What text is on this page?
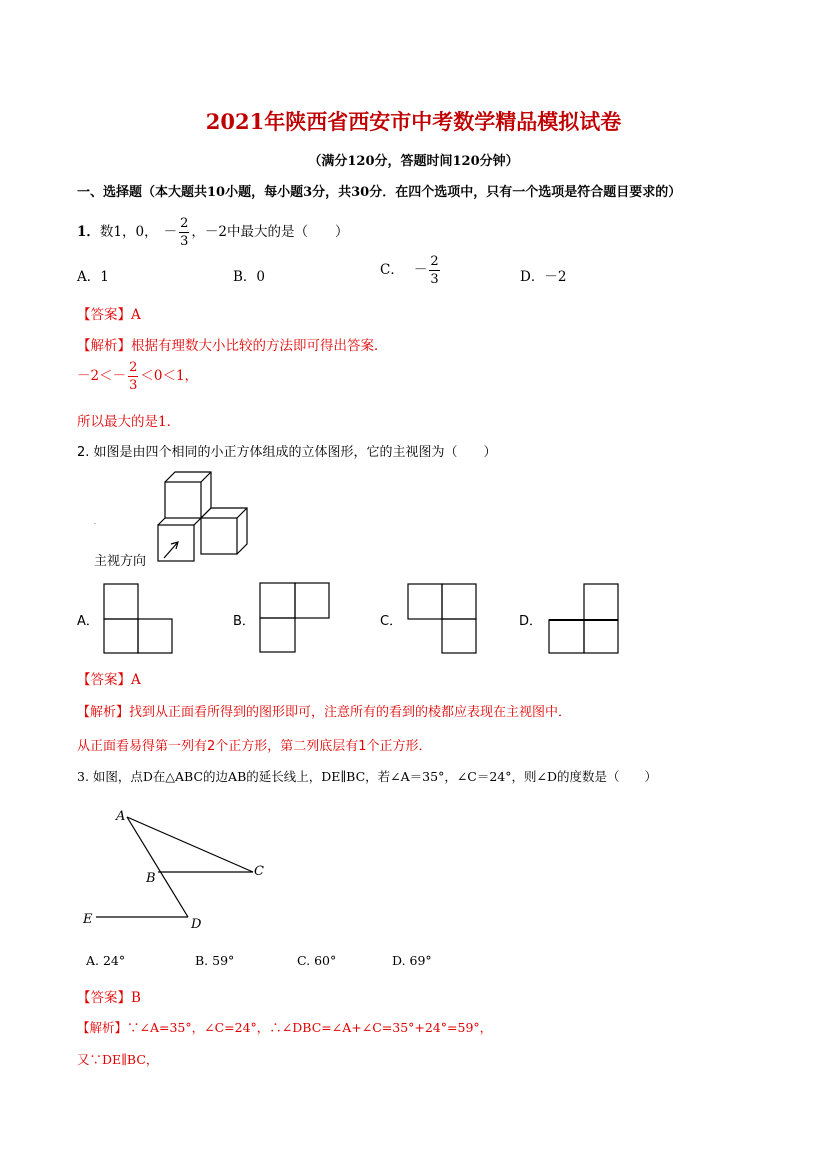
2021年陕西省西安市中考数学精品模拟试卷
（满分120分，答题时间120分钟）
一、选择题（本大题共10小题，每小题3分，共30分．在四个选项中，只有一个选项是符合题目要求的）
1．数1，0， － $\frac{2}{3}$ ，－2中最大的是（　　）
A．1	B．0	C． － $\frac{2}{3}$	D．－2
【答案】A
【解析】根据有理数大小比较的方法即可得出答案．
$-2<- \frac{2}{3} <0<1$，
所以最大的是1．
2. 如图是由四个相同的小正方体组成的立体图形，它的主视图为（　　）
.
主视方向
A．	B．	C．	D．
【答案】A
【解析】找到从正面看所得到的图形即可，注意所有的看到的棱都应表现在主视图中．
从正面看易得第一列有2个正方形，第二列底层有1个正方形．
3. 如图，点D在△ABC的边AB的延长线上，DE∥BC，若∠A＝35°，∠C＝24°，则∠D的度数是（　　）
A
B	C
D
E
A. 24°	B. 59°	C. 60°	D. 69°
【答案】B
【解析】∵∠A=35°，∠C=24°，∴∠DBC=∠A+∠C=35°+24°=59°，
又∵DE∥BC，
